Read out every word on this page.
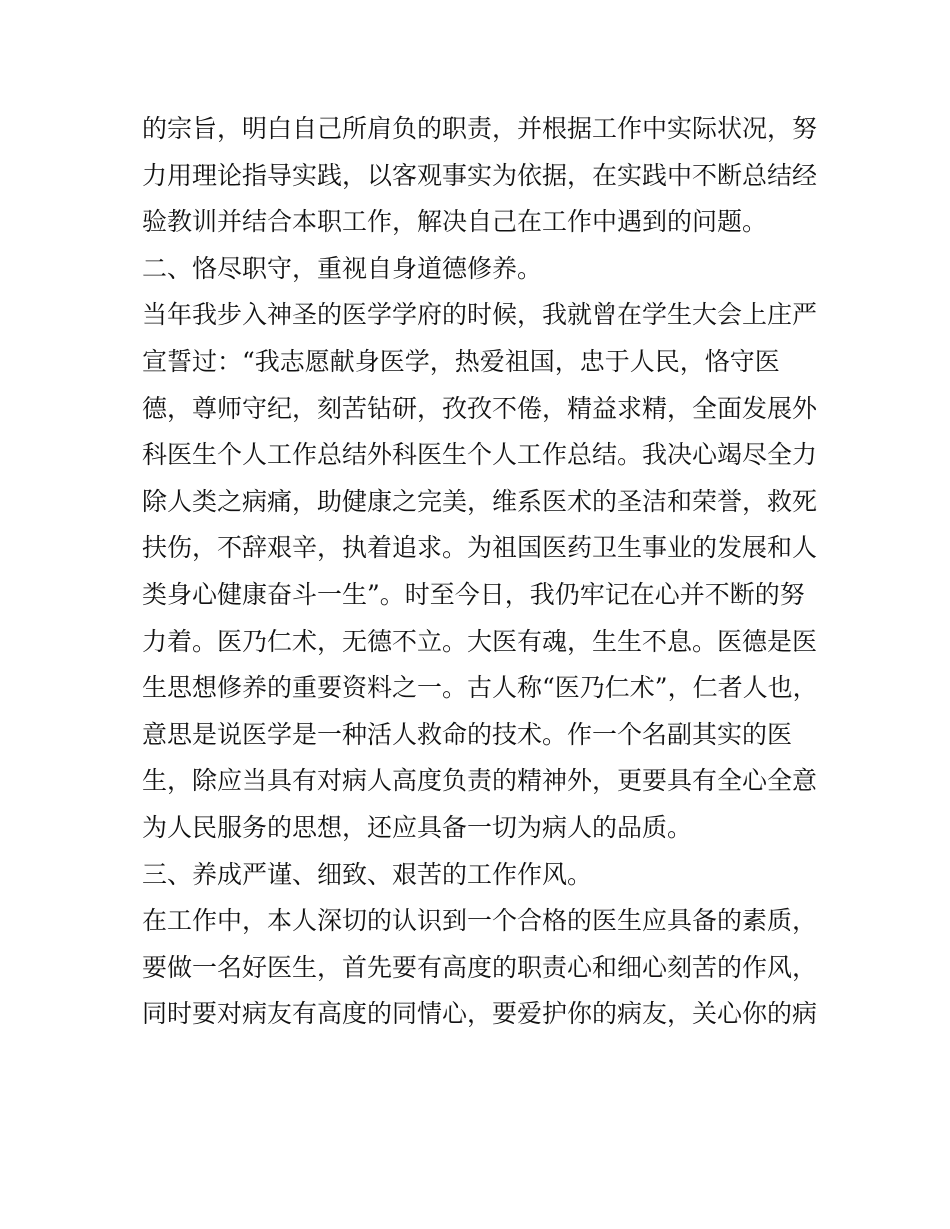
的宗旨，明白自己所肩负的职责，并根据工作中实际状况，努
力用理论指导实践，以客观事实为依据，在实践中不断总结经
验教训并结合本职工作，解决自己在工作中遇到的问题。
二、恪尽职守，重视自身道德修养。
当年我步入神圣的医学学府的时候，我就曾在学生大会上庄严
宣誓过：“我志愿献身医学，热爱祖国，忠于人民，恪守医
德，尊师守纪，刻苦钻研，孜孜不倦，精益求精，全面发展外
科医生个人工作总结外科医生个人工作总结。我决心竭尽全力
除人类之病痛，助健康之完美，维系医术的圣洁和荣誉，救死
扶伤，不辞艰辛，执着追求。为祖国医药卫生事业的发展和人
类身心健康奋斗一生”。时至今日，我仍牢记在心并不断的努
力着。医乃仁术，无德不立。大医有魂，生生不息。医德是医
生思想修养的重要资料之一。古人称“医乃仁术”，仁者人也，
意思是说医学是一种活人救命的技术。作一个名副其实的医
生，除应当具有对病人高度负责的精神外，更要具有全心全意
为人民服务的思想，还应具备一切为病人的品质。
三、养成严谨、细致、艰苦的工作作风。
在工作中，本人深切的认识到一个合格的医生应具备的素质，
要做一名好医生，首先要有高度的职责心和细心刻苦的作风，
同时要对病友有高度的同情心，要爱护你的病友，关心你的病
